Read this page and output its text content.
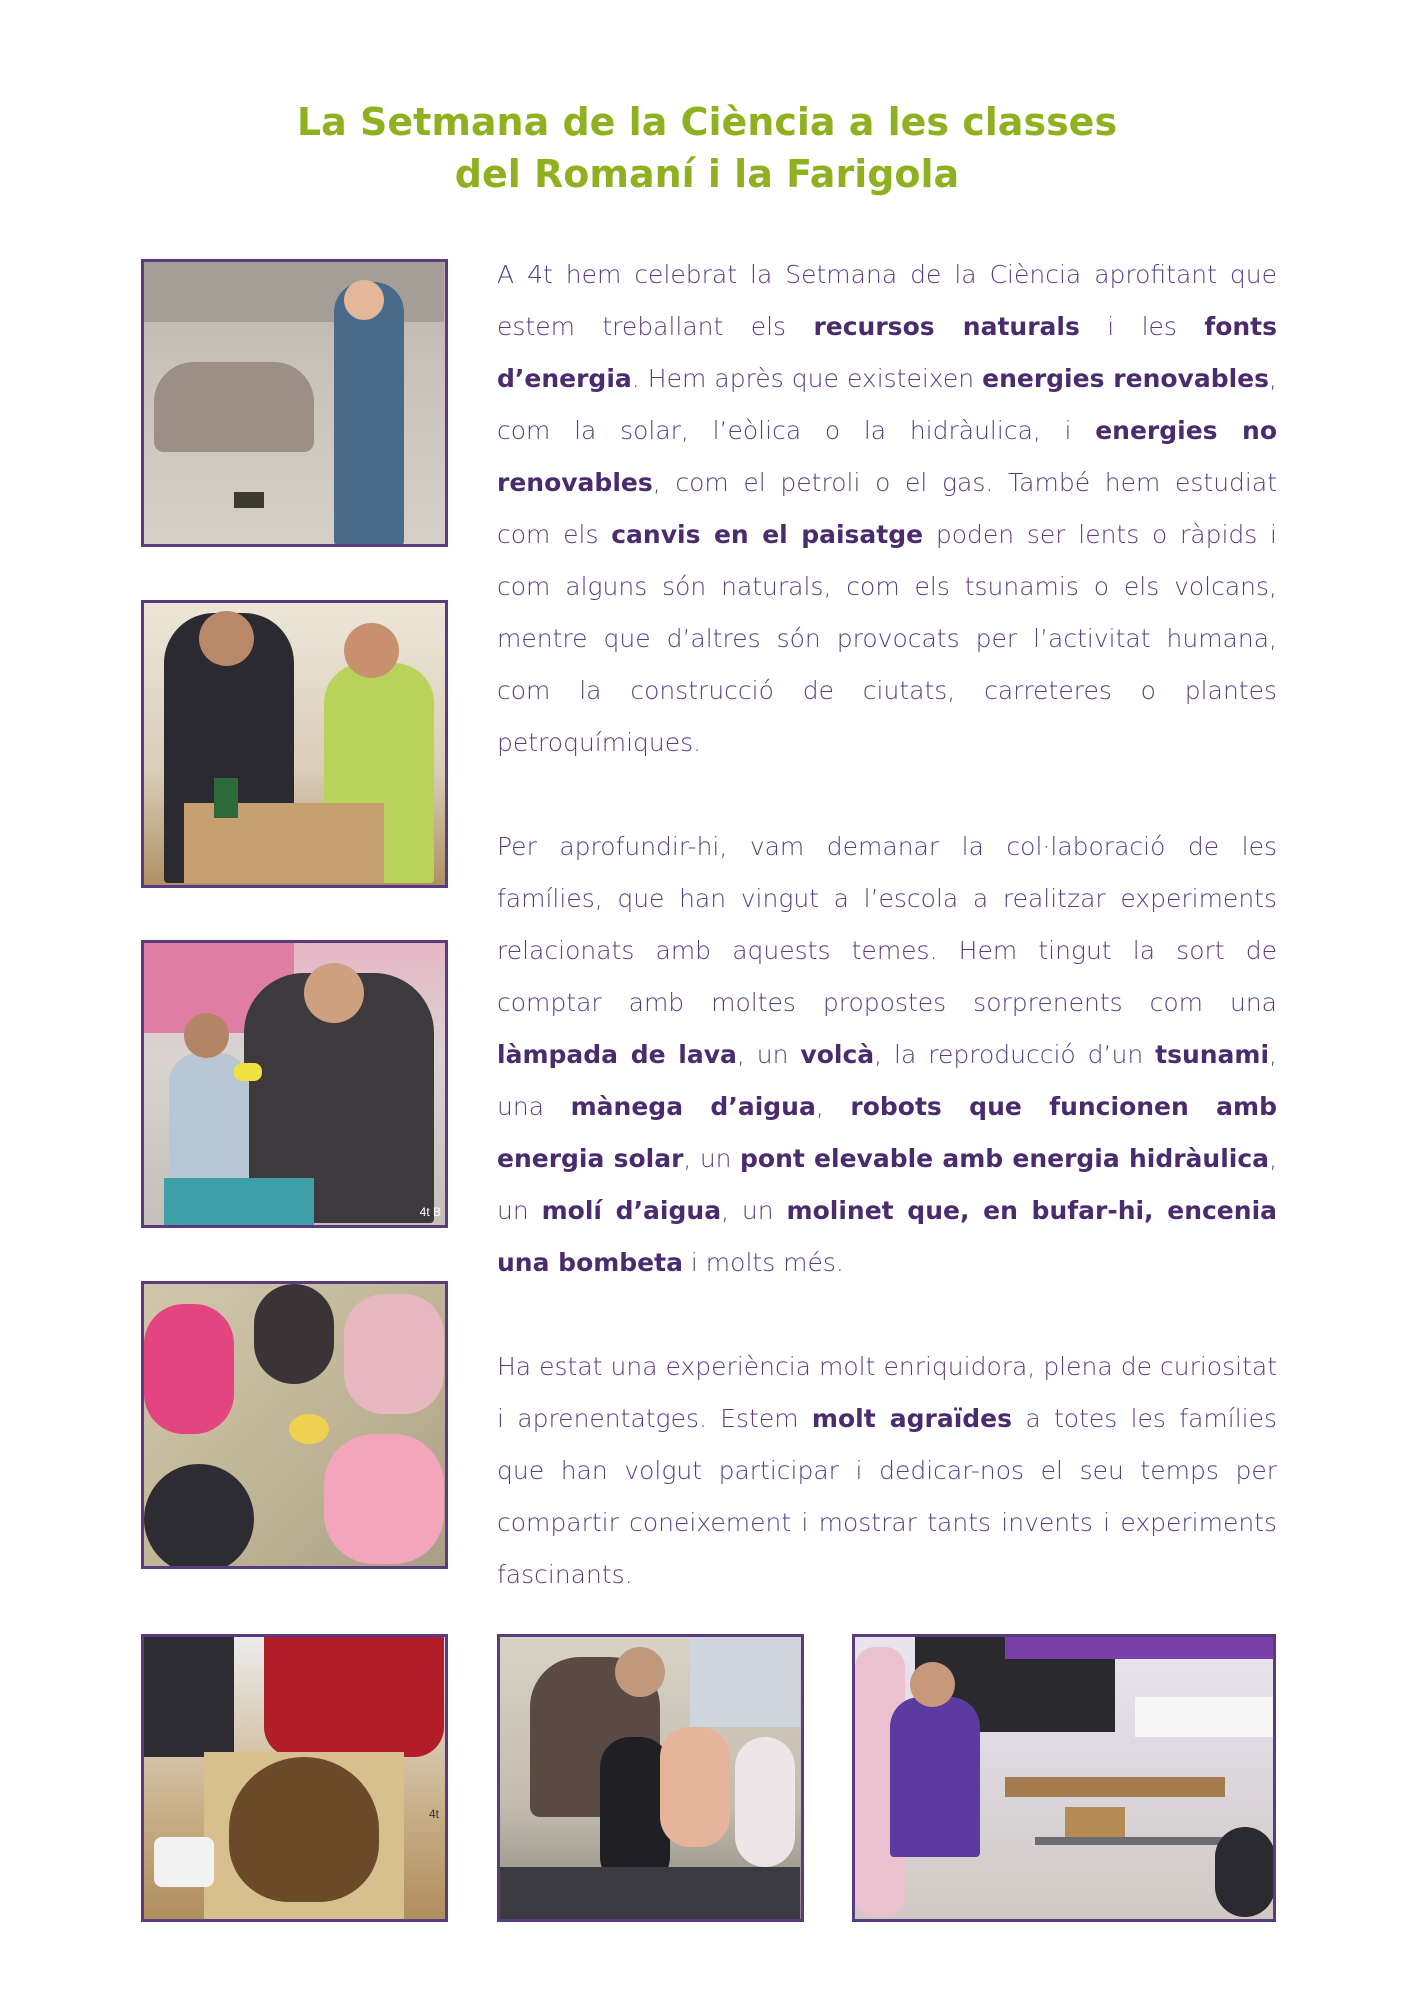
La Setmana de la Ciència a les classes
del Romaní i la Farigola
4t B
4t

A 4t hem celebrat la Setmana de la Ciència aprofitant que estem treballant els recursos naturals i les fonts d’energia. Hem après que existeixen energies renovables, com la solar, l’eòlica o la hidràulica, i energies no renovables, com el petroli o el gas. També hem estudiat com els canvis en el paisatge poden ser lents o ràpids i com alguns són naturals, com els tsunamis o els volcans, mentre que d’altres són provocats per l’activitat humana, com la construcció de ciutats, carreteres o plantes petroquímiques.

Per aprofundir-hi, vam demanar la col·laboració de les famílies, que han vingut a l’escola a realitzar experiments relacionats amb aquests temes. Hem tingut la sort de comptar amb moltes propostes sorprenents com una làmpada de lava, un volcà, la reproducció d’un tsunami, una mànega d’aigua, robots que funcionen amb energia solar, un pont elevable amb energia hidràulica, un molí d’aigua, un molinet que, en bufar-hi, encenia una bombeta i molts més.

Ha estat una experiència molt enriquidora, plena de curiositat i aprenentatges. Estem molt agraïdes a totes les famílies que han volgut participar i dedicar-nos el seu temps per compartir coneixement i mostrar tants invents i experiments fascinants.
